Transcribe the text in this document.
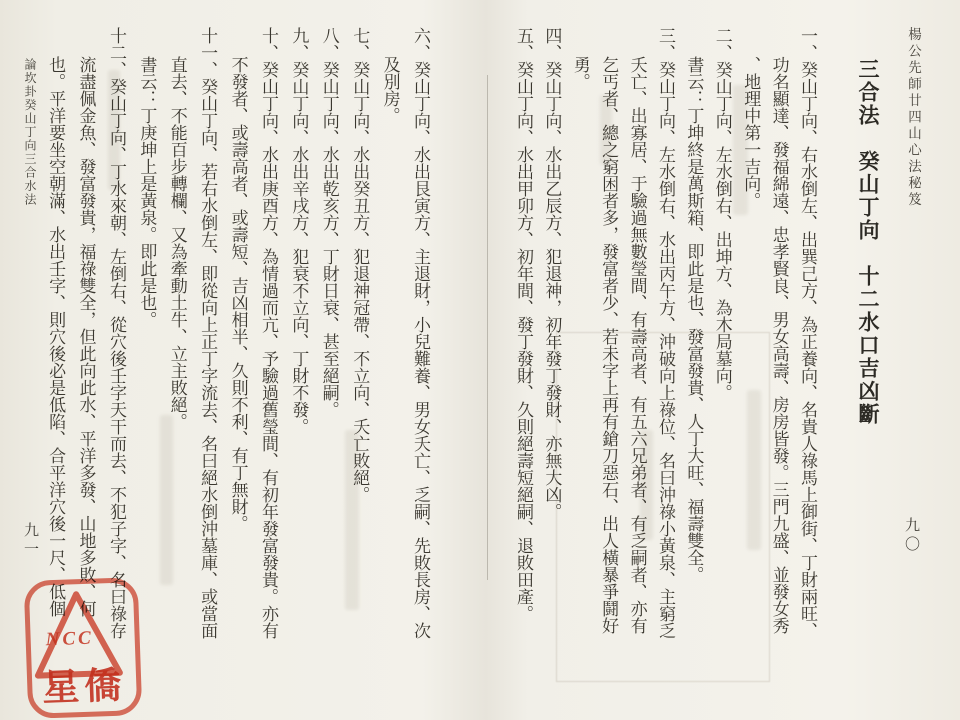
楊公先師廿四山心法秘笈
三合法　癸山丁向　十二水口吉凶斷
九〇
一、癸山丁向、右水倒左、出巽己方、為正養向、名貴人祿馬上御街、丁財兩旺、
功名顯達、發福綿遠、忠孝賢良、男女高壽、房房皆發。三門九盛、並發女秀
、地理中第一吉向。
二、癸山丁向、左水倒右、出坤方、為木局墓向。
書云：丁坤終是萬斯箱、即此是也、發富發貴、人丁大旺、福壽雙全。
三、癸山丁向、左水倒右、水出丙午方、沖破向上祿位、名曰沖祿小黃泉、主窮乏
夭亡、出寡居、于驗過無數瑩間、有壽高者、有五六兄弟者、有乏嗣者、亦有
乞丐者、總之窮困者多，發富者少、若未字上再有鎗刀惡石、出人橫暴爭鬪好
勇。
四、癸山丁向、水出乙辰方、犯退神，初年發丁發財、亦無大凶。
五、癸山丁向、水出甲卯方、初年間、發丁發財、久則絕壽短絕嗣、退敗田產。
六、癸山丁向、水出艮寅方、主退財，小兒難養、男女夭亡、乏嗣、先敗長房、次
及別房。
七、癸山丁向、水出癸丑方、犯退神冠帶、不立向、夭亡敗絕。
八、癸山丁向、水出乾亥方、丁財日衰、甚至絕嗣。
九、癸山丁向、水出辛戌方、犯衰不立向、丁財不發。
十、癸山丁向、水出庚酉方、為情過而亢、予驗過舊瑩間、有初年發富發貴。亦有
不發者、或壽高者、或壽短、吉凶相半、久則不利、有丁無財。
十一、癸山丁向、若右水倒左、即從向上正丁字流去、名曰絕水倒沖墓庫、或當面
直去、不能百步轉欄、又為牽動土牛、立主敗絕。
書云：丁庚坤上是黃泉。即此是也。
十二、癸山丁向、丁水來朝、左倒右、從穴後壬字天干而去、不犯子字、名曰祿存
流盡佩金魚、發富發貴，福祿雙全，但此向此水、平洋多發、山地多敗、何
也。平洋要坐空朝滿、水出壬字、則穴後必是低陷、合平洋穴後一尺、低個
論坎卦癸山丁向三合水法
九一
NCC
星僑
